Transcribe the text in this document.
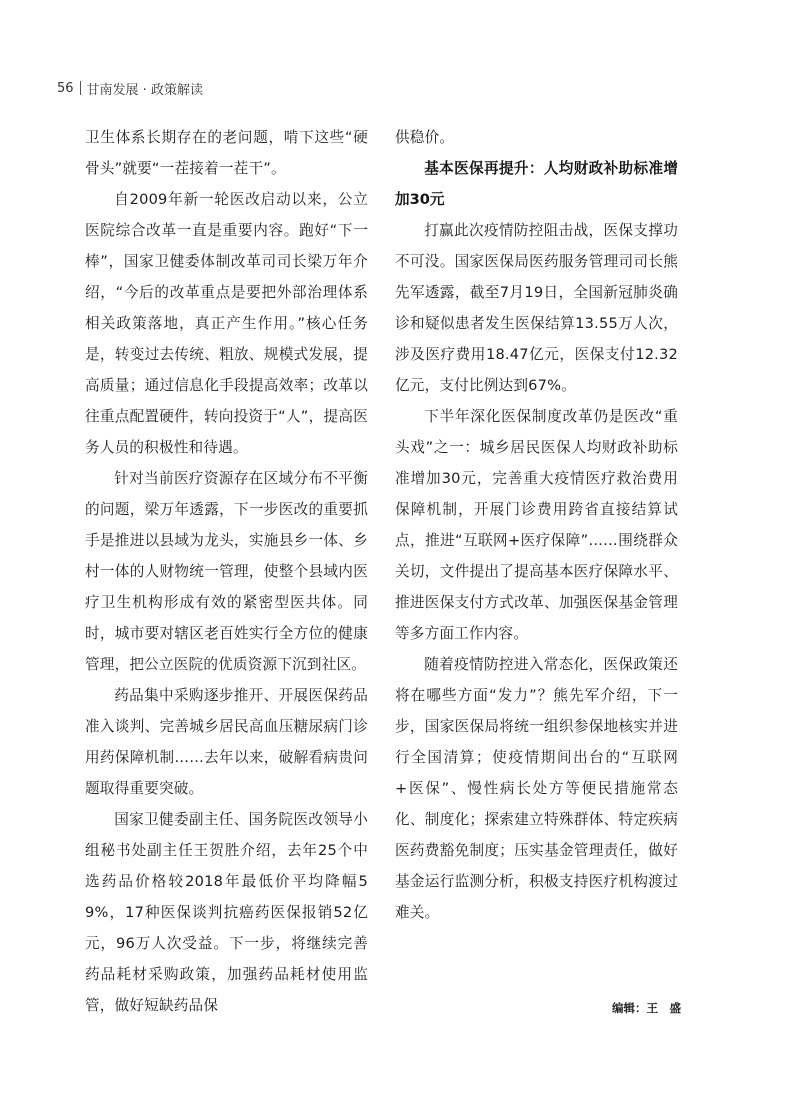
56 甘南发展 · 政策解读

卫生体系长期存在的老问题，啃下这些“硬骨头”就要“一茬接着一茬干”。

自2009年新一轮医改启动以来，公立医院综合改革一直是重要内容。跑好“下一棒”，国家卫健委体制改革司司长梁万年介绍，“今后的改革重点是要把外部治理体系相关政策落地，真正产生作用。”核心任务是，转变过去传统、粗放、规模式发展，提高质量；通过信息化手段提高效率；改革以往重点配置硬件，转向投资于“人”，提高医务人员的积极性和待遇。

针对当前医疗资源存在区域分布不平衡的问题，梁万年透露，下一步医改的重要抓手是推进以县域为龙头，实施县乡一体、乡村一体的人财物统一管理，使整个县域内医疗卫生机构形成有效的紧密型医共体。同时，城市要对辖区老百姓实行全方位的健康管理，把公立医院的优质资源下沉到社区。

药品集中采购逐步推开、开展医保药品准入谈判、完善城乡居民高血压糖尿病门诊用药保障机制……去年以来，破解看病贵问题取得重要突破。

国家卫健委副主任、国务院医改领导小组秘书处副主任王贺胜介绍，去年25个中选药品价格较2018年最低价平均降幅59%，17种医保谈判抗癌药医保报销52亿元，96万人次受益。下一步，将继续完善药品耗材采购政策，加强药品耗材使用监管，做好短缺药品保

供稳价。

基本医保再提升：人均财政补助标准增加30元

打赢此次疫情防控阻击战，医保支撑功不可没。国家医保局医药服务管理司司长熊先军透露，截至7月19日，全国新冠肺炎确诊和疑似患者发生医保结算13.55万人次，涉及医疗费用18.47亿元，医保支付12.32亿元，支付比例达到67%。

下半年深化医保制度改革仍是医改“重头戏”之一：城乡居民医保人均财政补助标准增加30元，完善重大疫情医疗救治费用保障机制，开展门诊费用跨省直接结算试点，推进“互联网+医疗保障”……围绕群众关切，文件提出了提高基本医疗保障水平、推进医保支付方式改革、加强医保基金管理等多方面工作内容。

随着疫情防控进入常态化，医保政策还将在哪些方面“发力”？熊先军介绍，下一步，国家医保局将统一组织参保地核实并进行全国清算；使疫情期间出台的“互联网+医保”、慢性病长处方等便民措施常态化、制度化；探索建立特殊群体、特定疾病医药费豁免制度；压实基金管理责任，做好基金运行监测分析，积极支持医疗机构渡过难关。

编辑：王　盛
